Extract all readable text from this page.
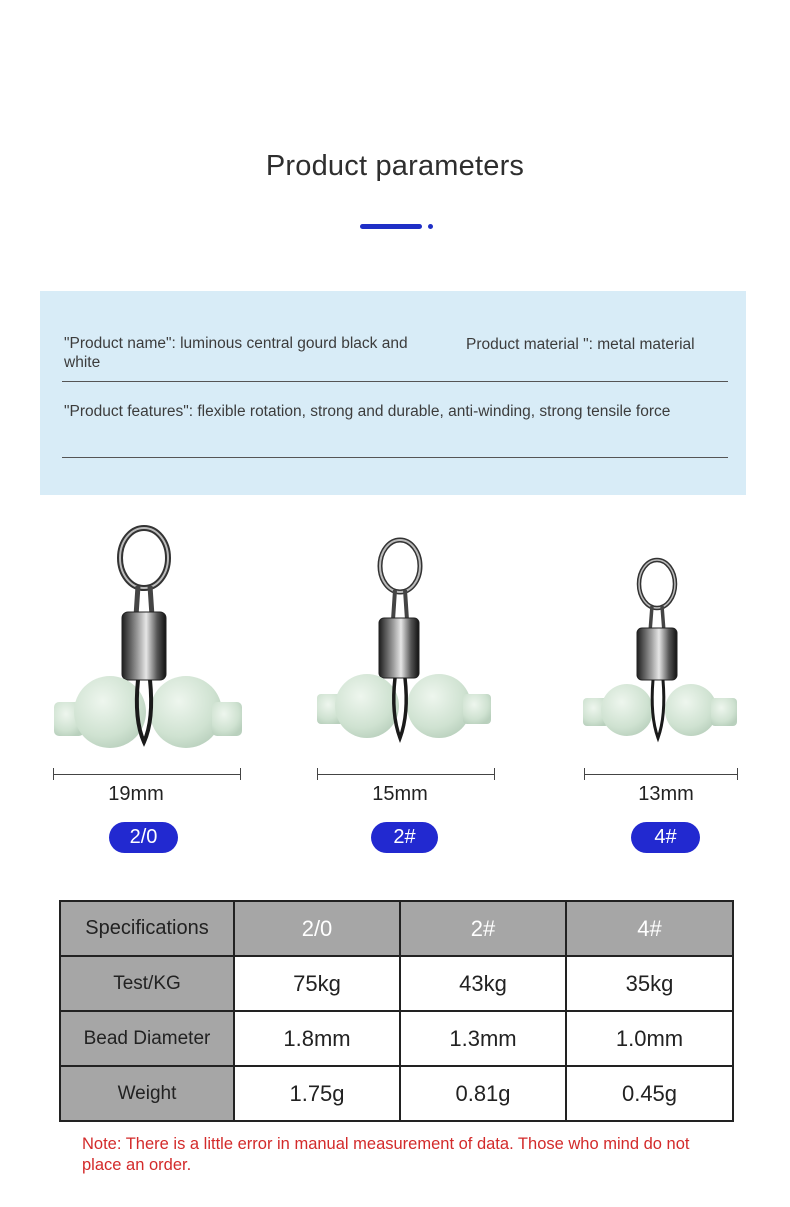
Product parameters
"Product name": luminous central gourd black and white
Product material ": metal material
"Product features": flexible rotation, strong and durable, anti-winding, strong tensile force
19mm	15mm	13mm
2/0	2#	4#
Specifications	2/0	2#	4#
Test/KG	75kg	43kg	35kg
Bead Diameter	1.8mm	1.3mm	1.0mm
Weight	1.75g	0.81g	0.45g
Note: There is a little error in manual measurement of data. Those who mind do not place an order.
